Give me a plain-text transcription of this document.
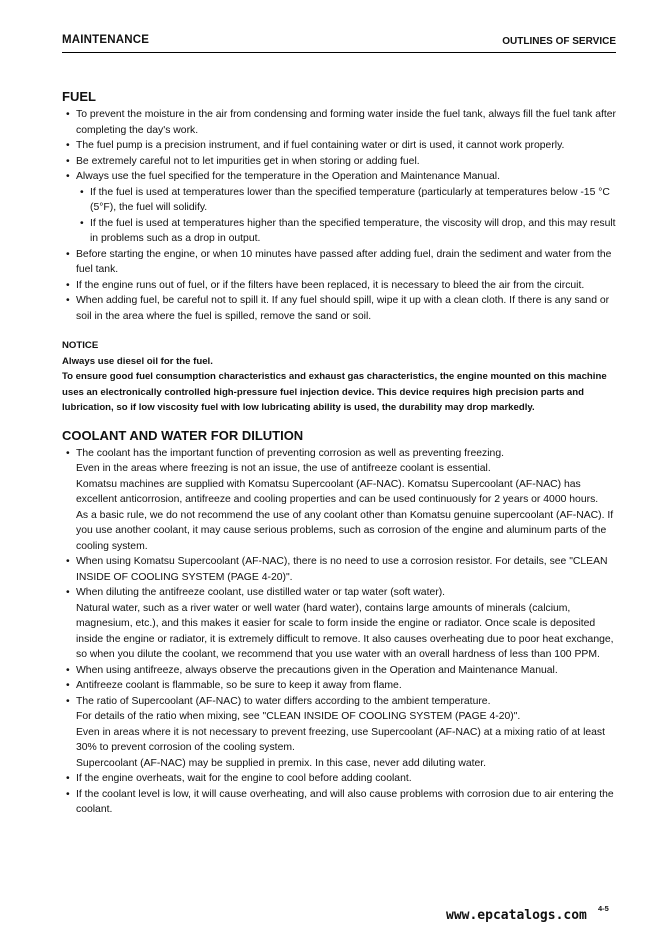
MAINTENANCE	OUTLINES OF SERVICE
FUEL
• To prevent the moisture in the air from condensing and forming water inside the fuel tank, always fill the fuel tank after completing the day's work.
• The fuel pump is a precision instrument, and if fuel containing water or dirt is used, it cannot work properly.
• Be extremely careful not to let impurities get in when storing or adding fuel.
• Always use the fuel specified for the temperature in the Operation and Maintenance Manual.
• If the fuel is used at temperatures lower than the specified temperature (particularly at temperatures below -15 °C (5°F), the fuel will solidify.
• If the fuel is used at temperatures higher than the specified temperature, the viscosity will drop, and this may result in problems such as a drop in output.
• Before starting the engine, or when 10 minutes have passed after adding fuel, drain the sediment and water from the fuel tank.
• If the engine runs out of fuel, or if the filters have been replaced, it is necessary to bleed the air from the circuit.
• When adding fuel, be careful not to spill it. If any fuel should spill, wipe it up with a clean cloth. If there is any sand or soil in the area where the fuel is spilled, remove the sand or soil.
NOTICE
Always use diesel oil for the fuel.
To ensure good fuel consumption characteristics and exhaust gas characteristics, the engine mounted on this machine uses an electronically controlled high-pressure fuel injection device. This device requires high precision parts and lubrication, so if low viscosity fuel with low lubricating ability is used, the durability may drop markedly.
COOLANT AND WATER FOR DILUTION
• The coolant has the important function of preventing corrosion as well as preventing freezing.
Even in the areas where freezing is not an issue, the use of antifreeze coolant is essential.
Komatsu machines are supplied with Komatsu Supercoolant (AF-NAC). Komatsu Supercoolant (AF-NAC) has excellent anticorrosion, antifreeze and cooling properties and can be used continuously for 2 years or 4000 hours.
As a basic rule, we do not recommend the use of any coolant other than Komatsu genuine supercoolant (AF-NAC). If you use another coolant, it may cause serious problems, such as corrosion of the engine and aluminum parts of the cooling system.
• When using Komatsu Supercoolant (AF-NAC), there is no need to use a corrosion resistor. For details, see "CLEAN INSIDE OF COOLING SYSTEM (PAGE 4-20)".
• When diluting the antifreeze coolant, use distilled water or tap water (soft water).
Natural water, such as a river water or well water (hard water), contains large amounts of minerals (calcium, magnesium, etc.), and this makes it easier for scale to form inside the engine or radiator. Once scale is deposited inside the engine or radiator, it is extremely difficult to remove. It also causes overheating due to poor heat exchange, so when you dilute the coolant, we recommend that you use water with an overall hardness of less than 100 PPM.
• When using antifreeze, always observe the precautions given in the Operation and Maintenance Manual.
• Antifreeze coolant is flammable, so be sure to keep it away from flame.
• The ratio of Supercoolant (AF-NAC) to water differs according to the ambient temperature.
For details of the ratio when mixing, see "CLEAN INSIDE OF COOLING SYSTEM (PAGE 4-20)".
Even in areas where it is not necessary to prevent freezing, use Supercoolant (AF-NAC) at a mixing ratio of at least 30% to prevent corrosion of the cooling system.
Supercoolant (AF-NAC) may be supplied in premix. In this case, never add diluting water.
• If the engine overheats, wait for the engine to cool before adding coolant.
• If the coolant level is low, it will cause overheating, and will also cause problems with corrosion due to air entering the coolant.
4-5
www.epcatalogs.com
